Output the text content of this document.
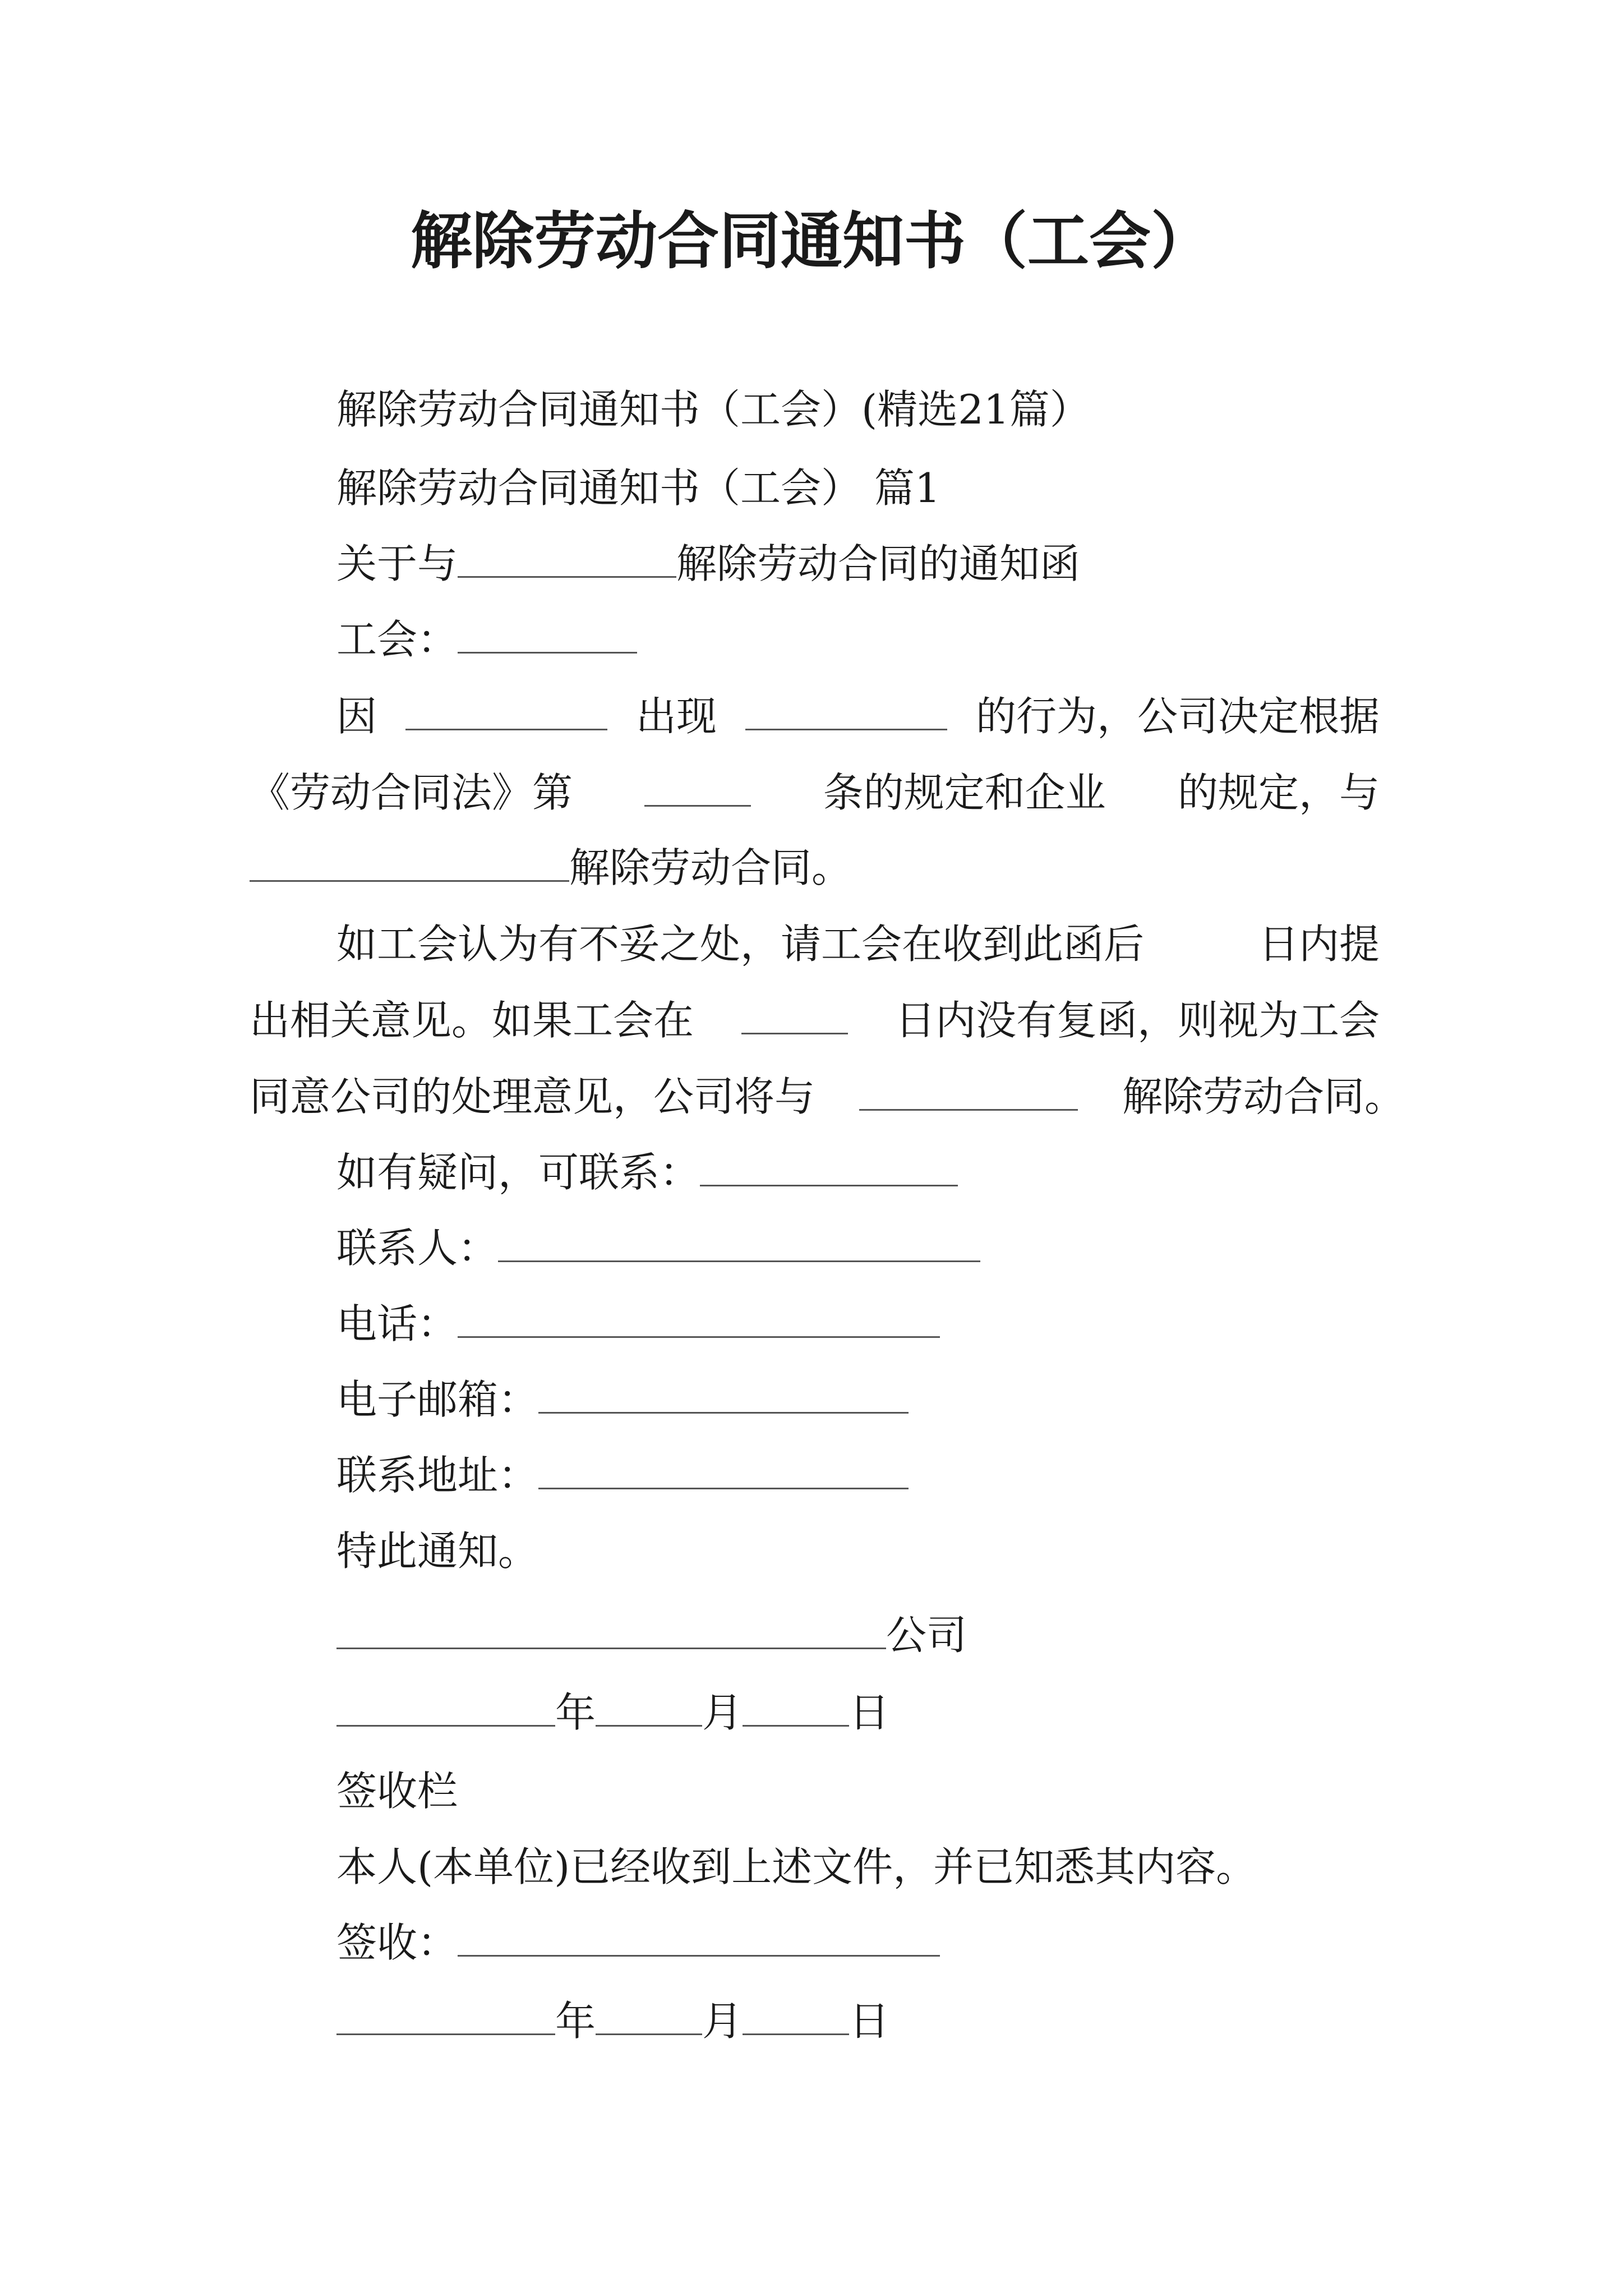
解除劳动合同通知书（工会）
解除劳动合同通知书（工会）(精选21篇）
解除劳动合同通知书（工会） 篇1
关于与	解除劳动合同的通知函
工会：
因	出现	的行为，公司决定根据
《劳动合同法》第	条的规定和企业 的规定，与
解除劳动合同。
如工会认为有不妥之处，请工会在收到此函后	日内提
出相关意见。如果工会在	日内没有复函，则视为工会
同意公司的处理意见，公司将与	解除劳动合同。
如有疑问，可联系：
联系人：
电话：
电子邮箱：
联系地址：
特此通知。
公司
年	月	日
签收栏
本人(本单位)已经收到上述文件，并已知悉其内容。
签收：
年	月	日
